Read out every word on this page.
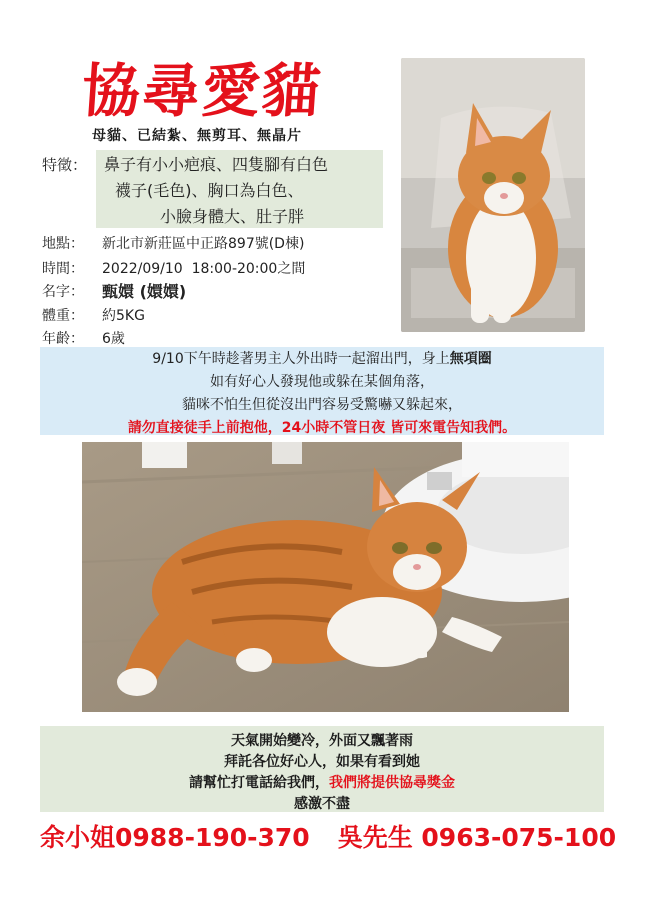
協尋愛貓
母貓、已結紮、無剪耳、無晶片
特徵： 鼻子有小小疤痕、四隻腳有白色
襪子(毛色)、胸口為白色、
小臉身體大、肚子胖
地點： 新北市新莊區中正路897號(D棟)
時間： 2022/09/10  18:00-20:00之間
名字： 甄嬛 (嬛嬛)
體重： 約5KG
年齡： 6歲
9/10下午時趁著男主人外出時一起溜出門，身上無項圈
如有好心人發現他或躲在某個角落，
貓咪不怕生但從沒出門容易受驚嚇又躲起來，
請勿直接徒手上前抱他，24小時不管日夜 皆可來電告知我們。
天氣開始變冷，外面又飄著雨
拜託各位好心人，如果有看到她
請幫忙打電話給我們，我們將提供協尋獎金
感激不盡
余小姐0988-190-370 吳先生 0963-075-100
